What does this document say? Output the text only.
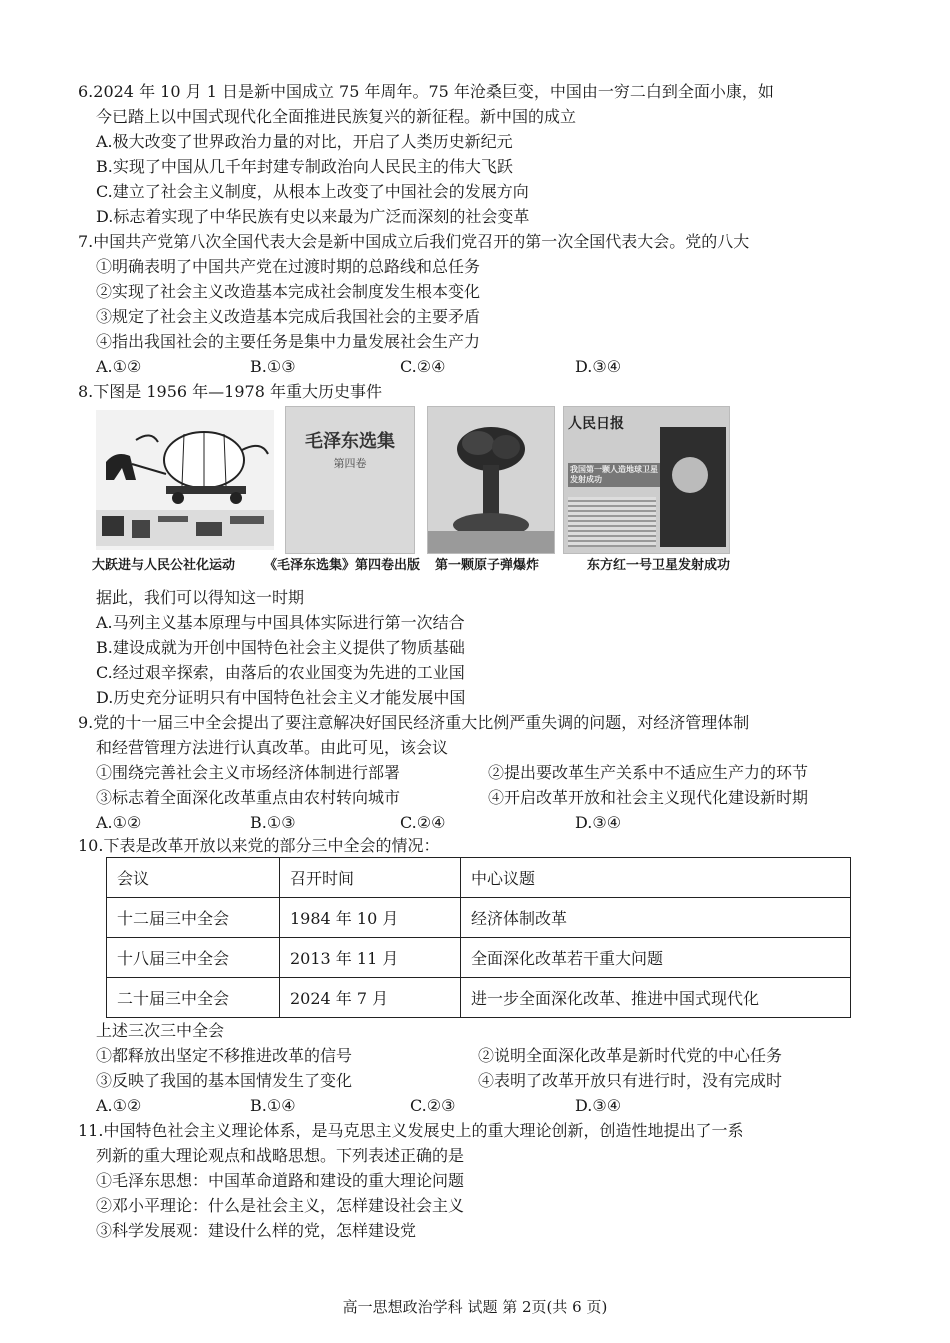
6.2024 年 10 月 1 日是新中国成立 75 年周年。75 年沧桑巨变，中国由一穷二白到全面小康，如
今已踏上以中国式现代化全面推进民族复兴的新征程。新中国的成立
A.极大改变了世界政治力量的对比，开启了人类历史新纪元
B.实现了中国从几千年封建专制政治向人民民主的伟大飞跃
C.建立了社会主义制度，从根本上改变了中国社会的发展方向
D.标志着实现了中华民族有史以来最为广泛而深刻的社会变革
7.中国共产党第八次全国代表大会是新中国成立后我们党召开的第一次全国代表大会。党的八大
①明确表明了中国共产党在过渡时期的总路线和总任务
②实现了社会主义改造基本完成社会制度发生根本变化
③规定了社会主义改造基本完成后我国社会的主要矛盾
④指出我国社会的主要任务是集中力量发展社会生产力
A.①②	B.①③	C.②④	D.③④
8.下图是 1956 年—1978 年重大历史事件
大跃进与人民公社化运动
毛泽东选集
第四卷
《毛泽东选集》第四卷出版 第一颗原子弹爆炸
人民日报
我国第一颗人造地球卫星发射成功
东方红一号卫星发射成功
据此，我们可以得知这一时期
A.马列主义基本原理与中国具体实际进行第一次结合
B.建设成就为开创中国特色社会主义提供了物质基础
C.经过艰辛探索，由落后的农业国变为先进的工业国
D.历史充分证明只有中国特色社会主义才能发展中国
9.党的十一届三中全会提出了要注意解决好国民经济重大比例严重失调的问题，对经济管理体制
和经营管理方法进行认真改革。由此可见，该会议
①围绕完善社会主义市场经济体制进行部署	②提出要改革生产关系中不适应生产力的环节
③标志着全面深化改革重点由农村转向城市	④开启改革开放和社会主义现代化建设新时期
A.①②	B.①③	C.②④	D.③④
10.下表是改革开放以来党的部分三中全会的情况：
会议	召开时间	中心议题
十二届三中全会	1984 年 10 月	经济体制改革
十八届三中全会	2013 年 11 月	全面深化改革若干重大问题
二十届三中全会	2024 年 7 月	进一步全面深化改革、推进中国式现代化
上述三次三中全会
①都释放出坚定不移推进改革的信号	②说明全面深化改革是新时代党的中心任务
③反映了我国的基本国情发生了变化	④表明了改革开放只有进行时，没有完成时
A.①②	B.①④	C.②③	D.③④
11.中国特色社会主义理论体系，是马克思主义发展史上的重大理论创新，创造性地提出了一系
列新的重大理论观点和战略思想。下列表述正确的是
①毛泽东思想：中国革命道路和建设的重大理论问题
②邓小平理论：什么是社会主义，怎样建设社会主义
③科学发展观：建设什么样的党，怎样建设党
高一思想政治学科 试题 第 2页(共 6 页)
